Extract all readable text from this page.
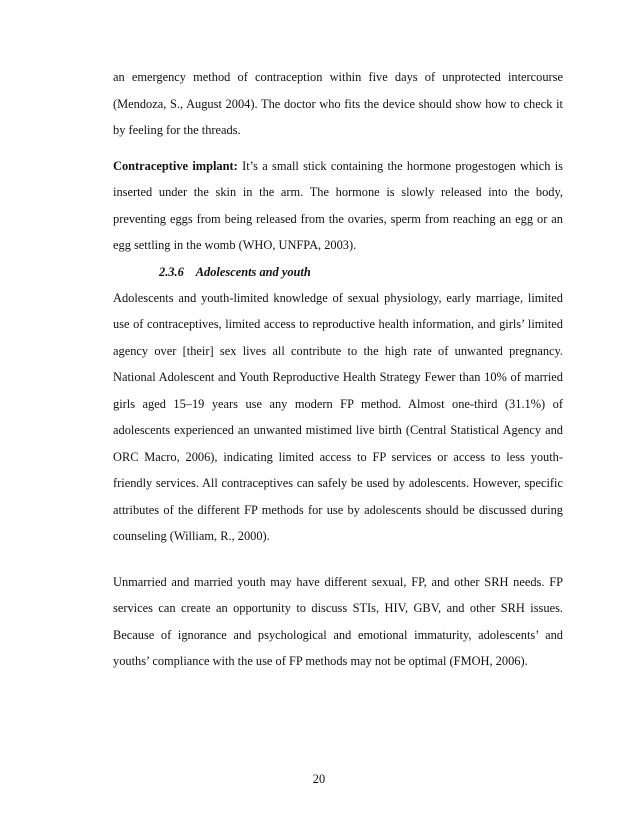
an emergency method of contraception within five days of unprotected intercourse (Mendoza, S., August 2004). The doctor who fits the device should show how to check it by feeling for the threads.

Contraceptive implant: It’s a small stick containing the hormone progestogen which is inserted under the skin in the arm. The hormone is slowly released into the body, preventing eggs from being released from the ovaries, sperm from reaching an egg or an egg settling in the womb (WHO, UNFPA, 2003).

2.3.6 Adolescents and youth

Adolescents and youth-limited knowledge of sexual physiology, early marriage, limited use of contraceptives, limited access to reproductive health information, and girls’ limited agency over [their] sex lives all contribute to the high rate of unwanted pregnancy. National Adolescent and Youth Reproductive Health Strategy Fewer than 10% of married girls aged 15–19 years use any modern FP method. Almost one-third (31.1%) of adolescents experienced an unwanted mistimed live birth (Central Statistical Agency and ORC Macro, 2006), indicating limited access to FP services or access to less youth-friendly services. All contraceptives can safely be used by adolescents. However, specific attributes of the different FP methods for use by adolescents should be discussed during counseling (William, R., 2000).

Unmarried and married youth may have different sexual, FP, and other SRH needs. FP services can create an opportunity to discuss STIs, HIV, GBV, and other SRH issues. Because of ignorance and psychological and emotional immaturity, adolescents’ and youths’ compliance with the use of FP methods may not be optimal (FMOH, 2006).

20
